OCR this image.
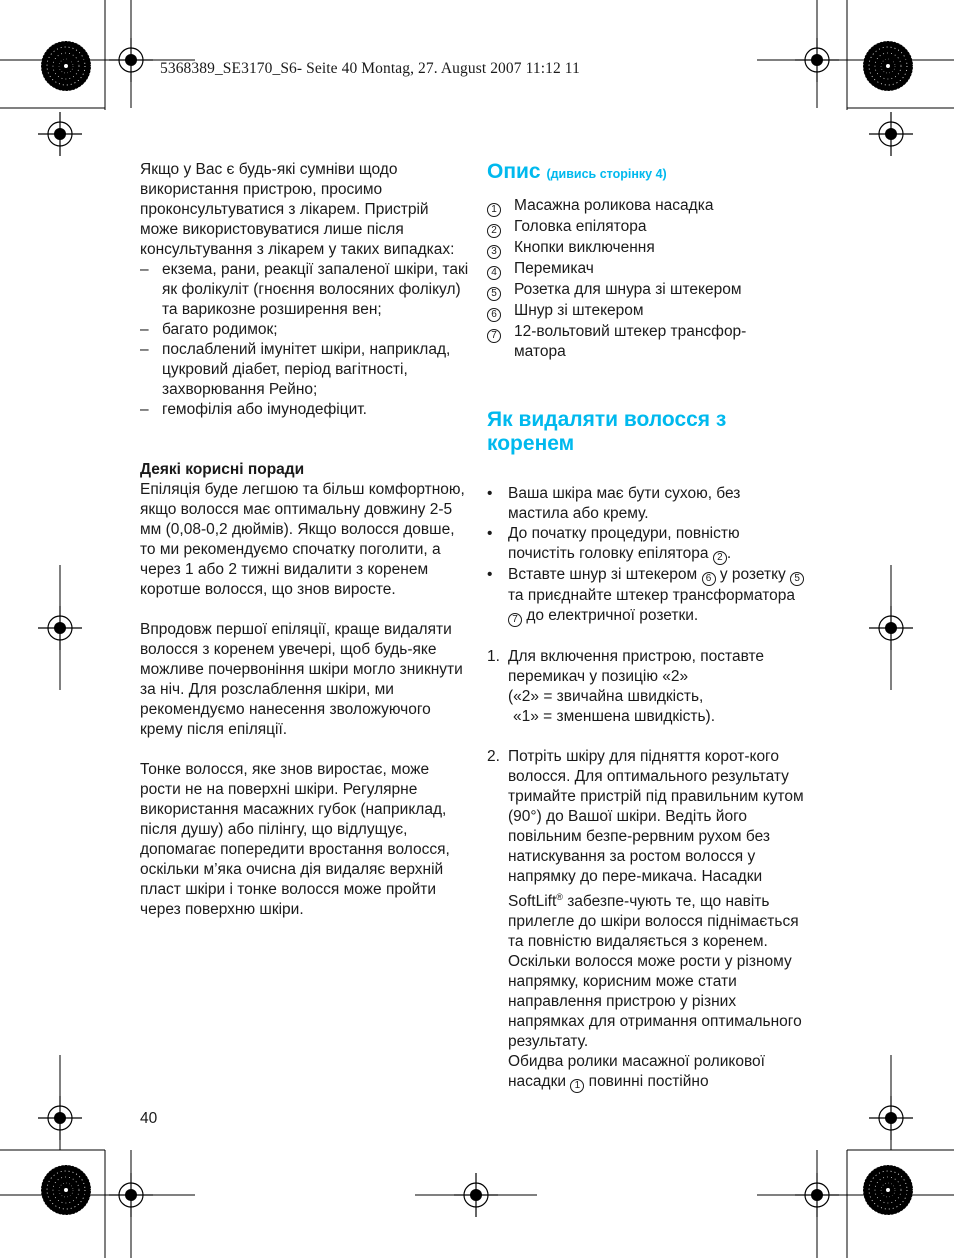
5368389_SE3170_S6- Seite 40 Montag, 27. August 2007 11:12 11

Якщо у Вас є будь-які сумніви щодо використання пристрою, просимо проконсультуватися з лікарем. Пристрій може використовуватися лише після консультування з лікарем у таких випадках:

– екзема, рани, реакції запаленої шкіри, такі як фолікуліт (гноєння волосяних фолікул) та варикозне розширення вен;
– багато родимок;
– послаблений імунітет шкіри, наприклад, цукровий діабет, період вагітності, захворювання Рейно;
– гемофілія або імунодефіцит.

Деякі корисні поради

Епіляція буде легшою та більш комфортною, якщо волосся має оптимальну довжину 2-5 мм (0,08-0,2 дюймів). Якщо волосся довше, то ми рекомендуємо спочатку поголити, а через 1 або 2 тижні видалити з коренем коротше волосся, що знов виросте.

Впродовж першої епіляції, краще видаляти волосся з коренем увечері, щоб будь-яке можливе почервоніння шкіри могло зникнути за ніч. Для розслаблення шкіри, ми рекомендуємо нанесення зволожуючого крему після епіляції.

Тонке волосся, яке знов виростає, може рости не на поверхні шкіри. Регулярне використання масажних губок (наприклад, після душу) або пілінгу, що відлущує, допомагає попередити вростання волосся, оскільки м’яка очисна дія видаляє верхній пласт шкіри і тонке волосся може пройти через поверхню шкіри.

Опис (дивись сторінку 4)

1	Масажна роликова насадка
2	Головка епілятора
3	Кнопки виключення
4	Перемикач
5	Розетка для шнура зі штекером
6	Шнур зі штекером
7	12-вольтовий штекер трансфор-матора

Як видаляти волосся з коренем

•	Ваша шкіра має бути сухою, без мастила або крему.
•	До початку процедури, повністю почистіть головку епілятора 2 .
•	Вставте шнур зі штекером 6 у розетку 5 та приєднайте штекер трансформатора 7 до електричної розетки.
1. Для включення пристрою, поставте перемикач у позицію «2»
(«2» = звичайна швидкість,
«1» = зменшена швидкість).
2. Потріть шкіру для підняття корот-кого волосся. Для оптимального результату тримайте пристрій під правильним кутом (90°) до Вашої шкіри. Ведіть його повільним безпе-рервним рухом без натискування за ростом волосся у напрямку до пере-микача. Насадки SoftLift® забезпе-чують те, що навіть прилегле до шкіри волосся піднімається та повністю видаляється з коренем. Оскільки волосся може рости у різному напрямку, корисним може стати направлення пристрою у різних напрямках для отримання оптимального результату.
Обидва ролики масажної роликової насадки 1 повинні постійно
40
